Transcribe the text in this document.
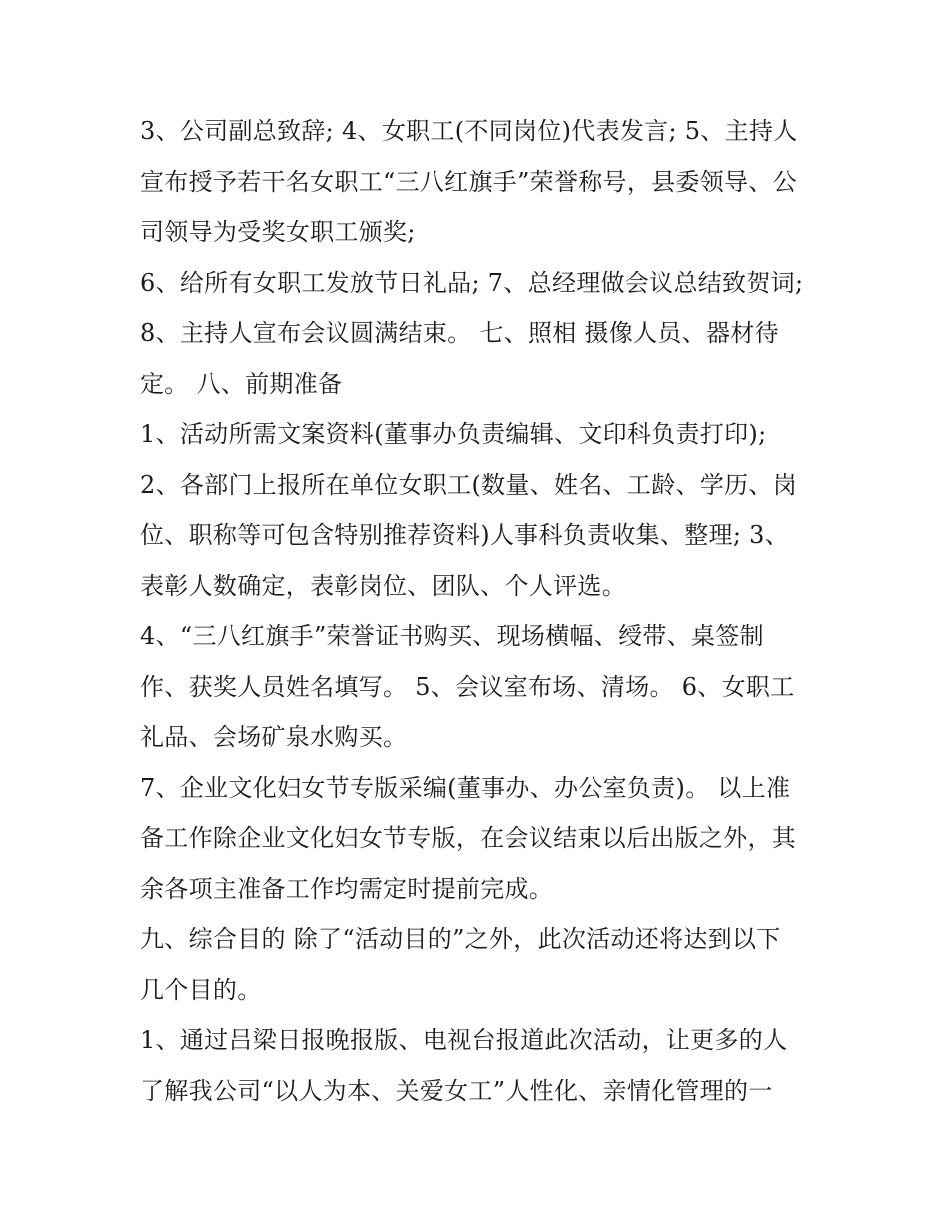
3、公司副总致辞; 4、女职工(不同岗位)代表发言; 5、主持人
宣布授予若干名女职工“三八红旗手”荣誉称号，县委领导、公
司领导为受奖女职工颁奖;
6、给所有女职工发放节日礼品; 7、总经理做会议总结致贺词;
8、主持人宣布会议圆满结束。 七、照相 摄像人员、器材待
定。 八、前期准备
1、活动所需文案资料(董事办负责编辑、文印科负责打印);
2、各部门上报所在单位女职工(数量、姓名、工龄、学历、岗
位、职称等可包含特别推荐资料)人事科负责收集、整理; 3、
表彰人数确定，表彰岗位、团队、个人评选。
4、“三八红旗手”荣誉证书购买、现场横幅、绶带、桌签制
作、获奖人员姓名填写。 5、会议室布场、清场。 6、女职工
礼品、会场矿泉水购买。
7、企业文化妇女节专版采编(董事办、办公室负责)。 以上准
备工作除企业文化妇女节专版，在会议结束以后出版之外，其
余各项主准备工作均需定时提前完成。
九、综合目的 除了“活动目的”之外，此次活动还将达到以下
几个目的。
1、通过吕梁日报晚报版、电视台报道此次活动，让更多的人
了解我公司“以人为本、关爱女工”人性化、亲情化管理的一
